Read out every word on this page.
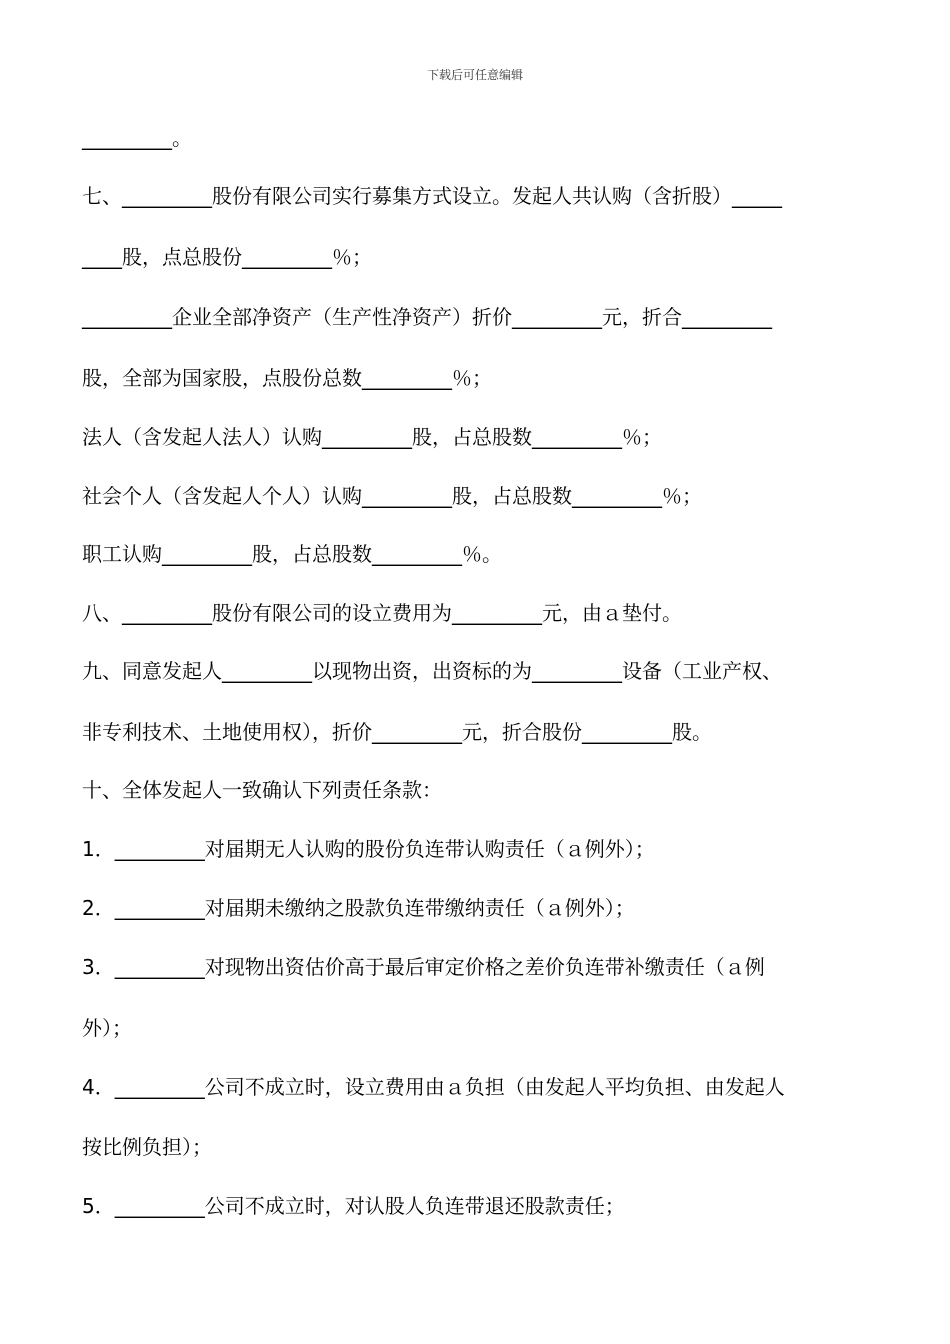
下载后可任意编辑
_________。
七、_________股份有限公司实行募集方式设立。发起人共认购（含折股）_____
____股，点总股份_________％；
_________企业全部净资产（生产性净资产）折价_________元，折合_________
股，全部为国家股，点股份总数_________％；
法人（含发起人法人）认购_________股，占总股数_________％；
社会个人（含发起人个人）认购_________股，占总股数_________％；
职工认购_________股，占总股数_________％。
八、_________股份有限公司的设立费用为_________元，由ａ垫付。
九、同意发起人_________以现物出资，出资标的为_________设备（工业产权、
非专利技术、土地使用权），折价_________元，折合股份_________股。
十、全体发起人一致确认下列责任条款：
1．_________对届期无人认购的股份负连带认购责任（ａ例外）；
2．_________对届期未缴纳之股款负连带缴纳责任（ａ例外）；
3．_________对现物出资估价高于最后审定价格之差价负连带补缴责任（ａ例
外）；
4．_________公司不成立时，设立费用由ａ负担（由发起人平均负担、由发起人
按比例负担）；
5．_________公司不成立时，对认股人负连带退还股款责任；
